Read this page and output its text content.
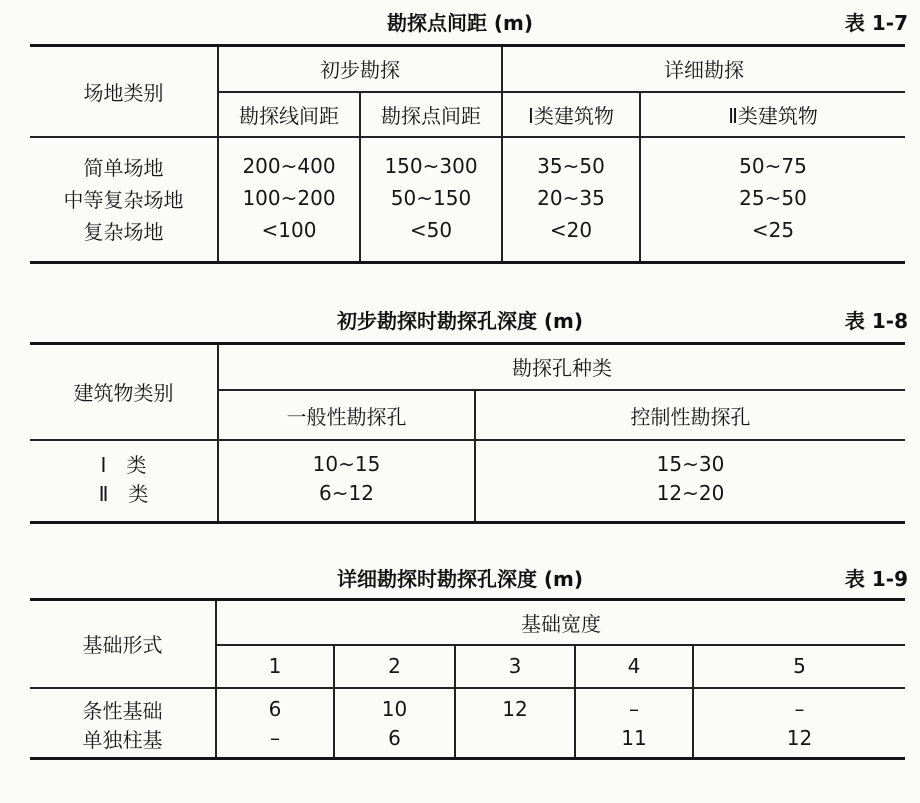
勘探点间距 (m)	表 1-7
场地类别	初步勘探		详细勘探	
	勘探线间距	勘探点间距	Ⅰ类建筑物	Ⅱ类建筑物
简单场地	200~400	150~300	35~50	50~75
中等复杂场地	100~200	50~150	20~35	25~50
复杂场地	<100	<50	<20	<25
初步勘探时勘探孔深度 (m)	表 1-8
建筑物类别	勘探孔种类	
	一般性勘探孔	控制性勘探孔
Ⅰ　类	10~15	15~30
Ⅱ　类	6~12	12~20
详细勘探时勘探孔深度 (m)	表 1-9
基础形式	基础宽度				
	1	2	3	4	5
条性基础	6	10	12	–	–
单独柱基	–	6		11	12
